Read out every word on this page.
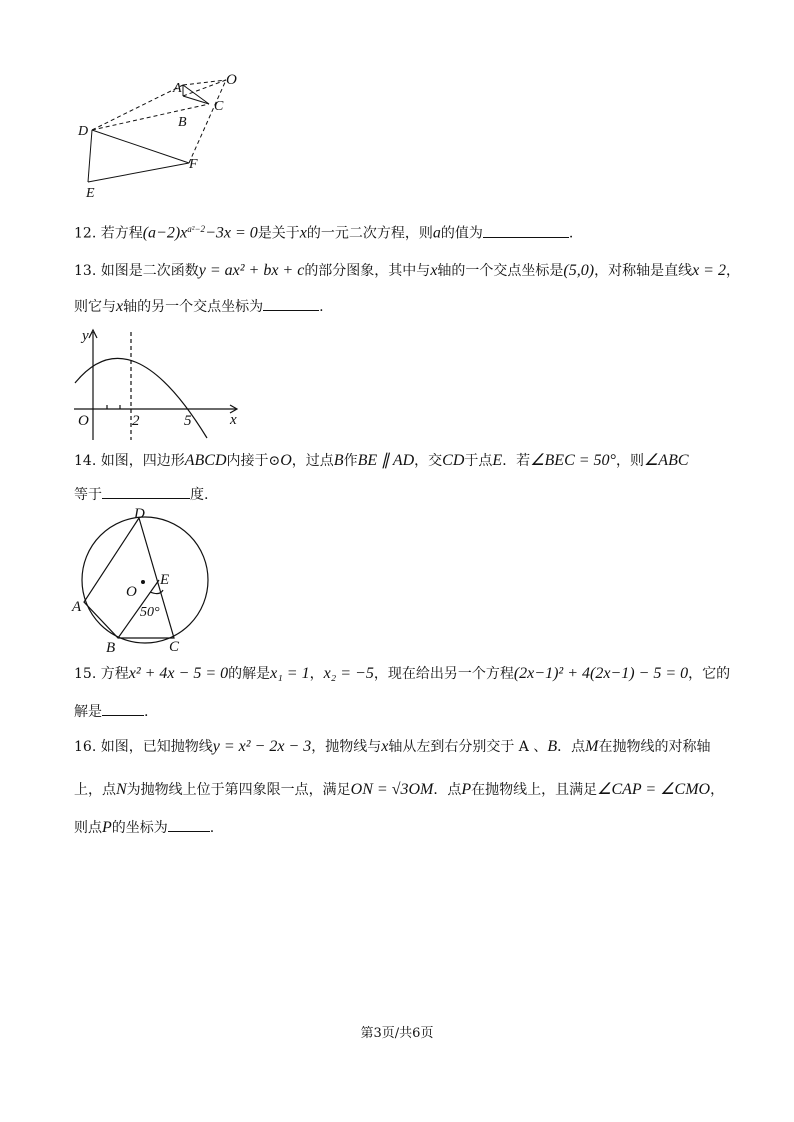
O
A
B
C
D
E
F
12. 若方程$(a-2)x^{a^2-2}-3x = 0$是关于x的一元二次方程，则a的值为	.
13. 如图是二次函数y = ax² + bx + c的部分图象，其中与x轴的一个交点坐标是(5,0)，对称轴是直线x = 2，
则它与x轴的另一个交点坐标为	.
y
x
O	2	5
14. 如图，四边形ABCD内接于⊙O，过点B作BE ∥ AD，交CD于点E．若∠BEC = 50°，则∠ABC
等于	度.
D
O
E
A
B	C
50°
15. 方程x² + 4x − 5 = 0的解是x₁ = 1，x₂ = −5，现在给出另一个方程(2x−1)² + 4(2x−1) − 5 = 0，它的
解是	.
16. 如图，已知抛物线y = x² − 2x − 3，抛物线与x轴从左到右分别交于 A 、B．点M在抛物线的对称轴
上，点N为抛物线上位于第四象限一点，满足ON = √3OM．点P在抛物线上，且满足∠CAP = ∠CMO，
则点P的坐标为	.
第3页/共6页
